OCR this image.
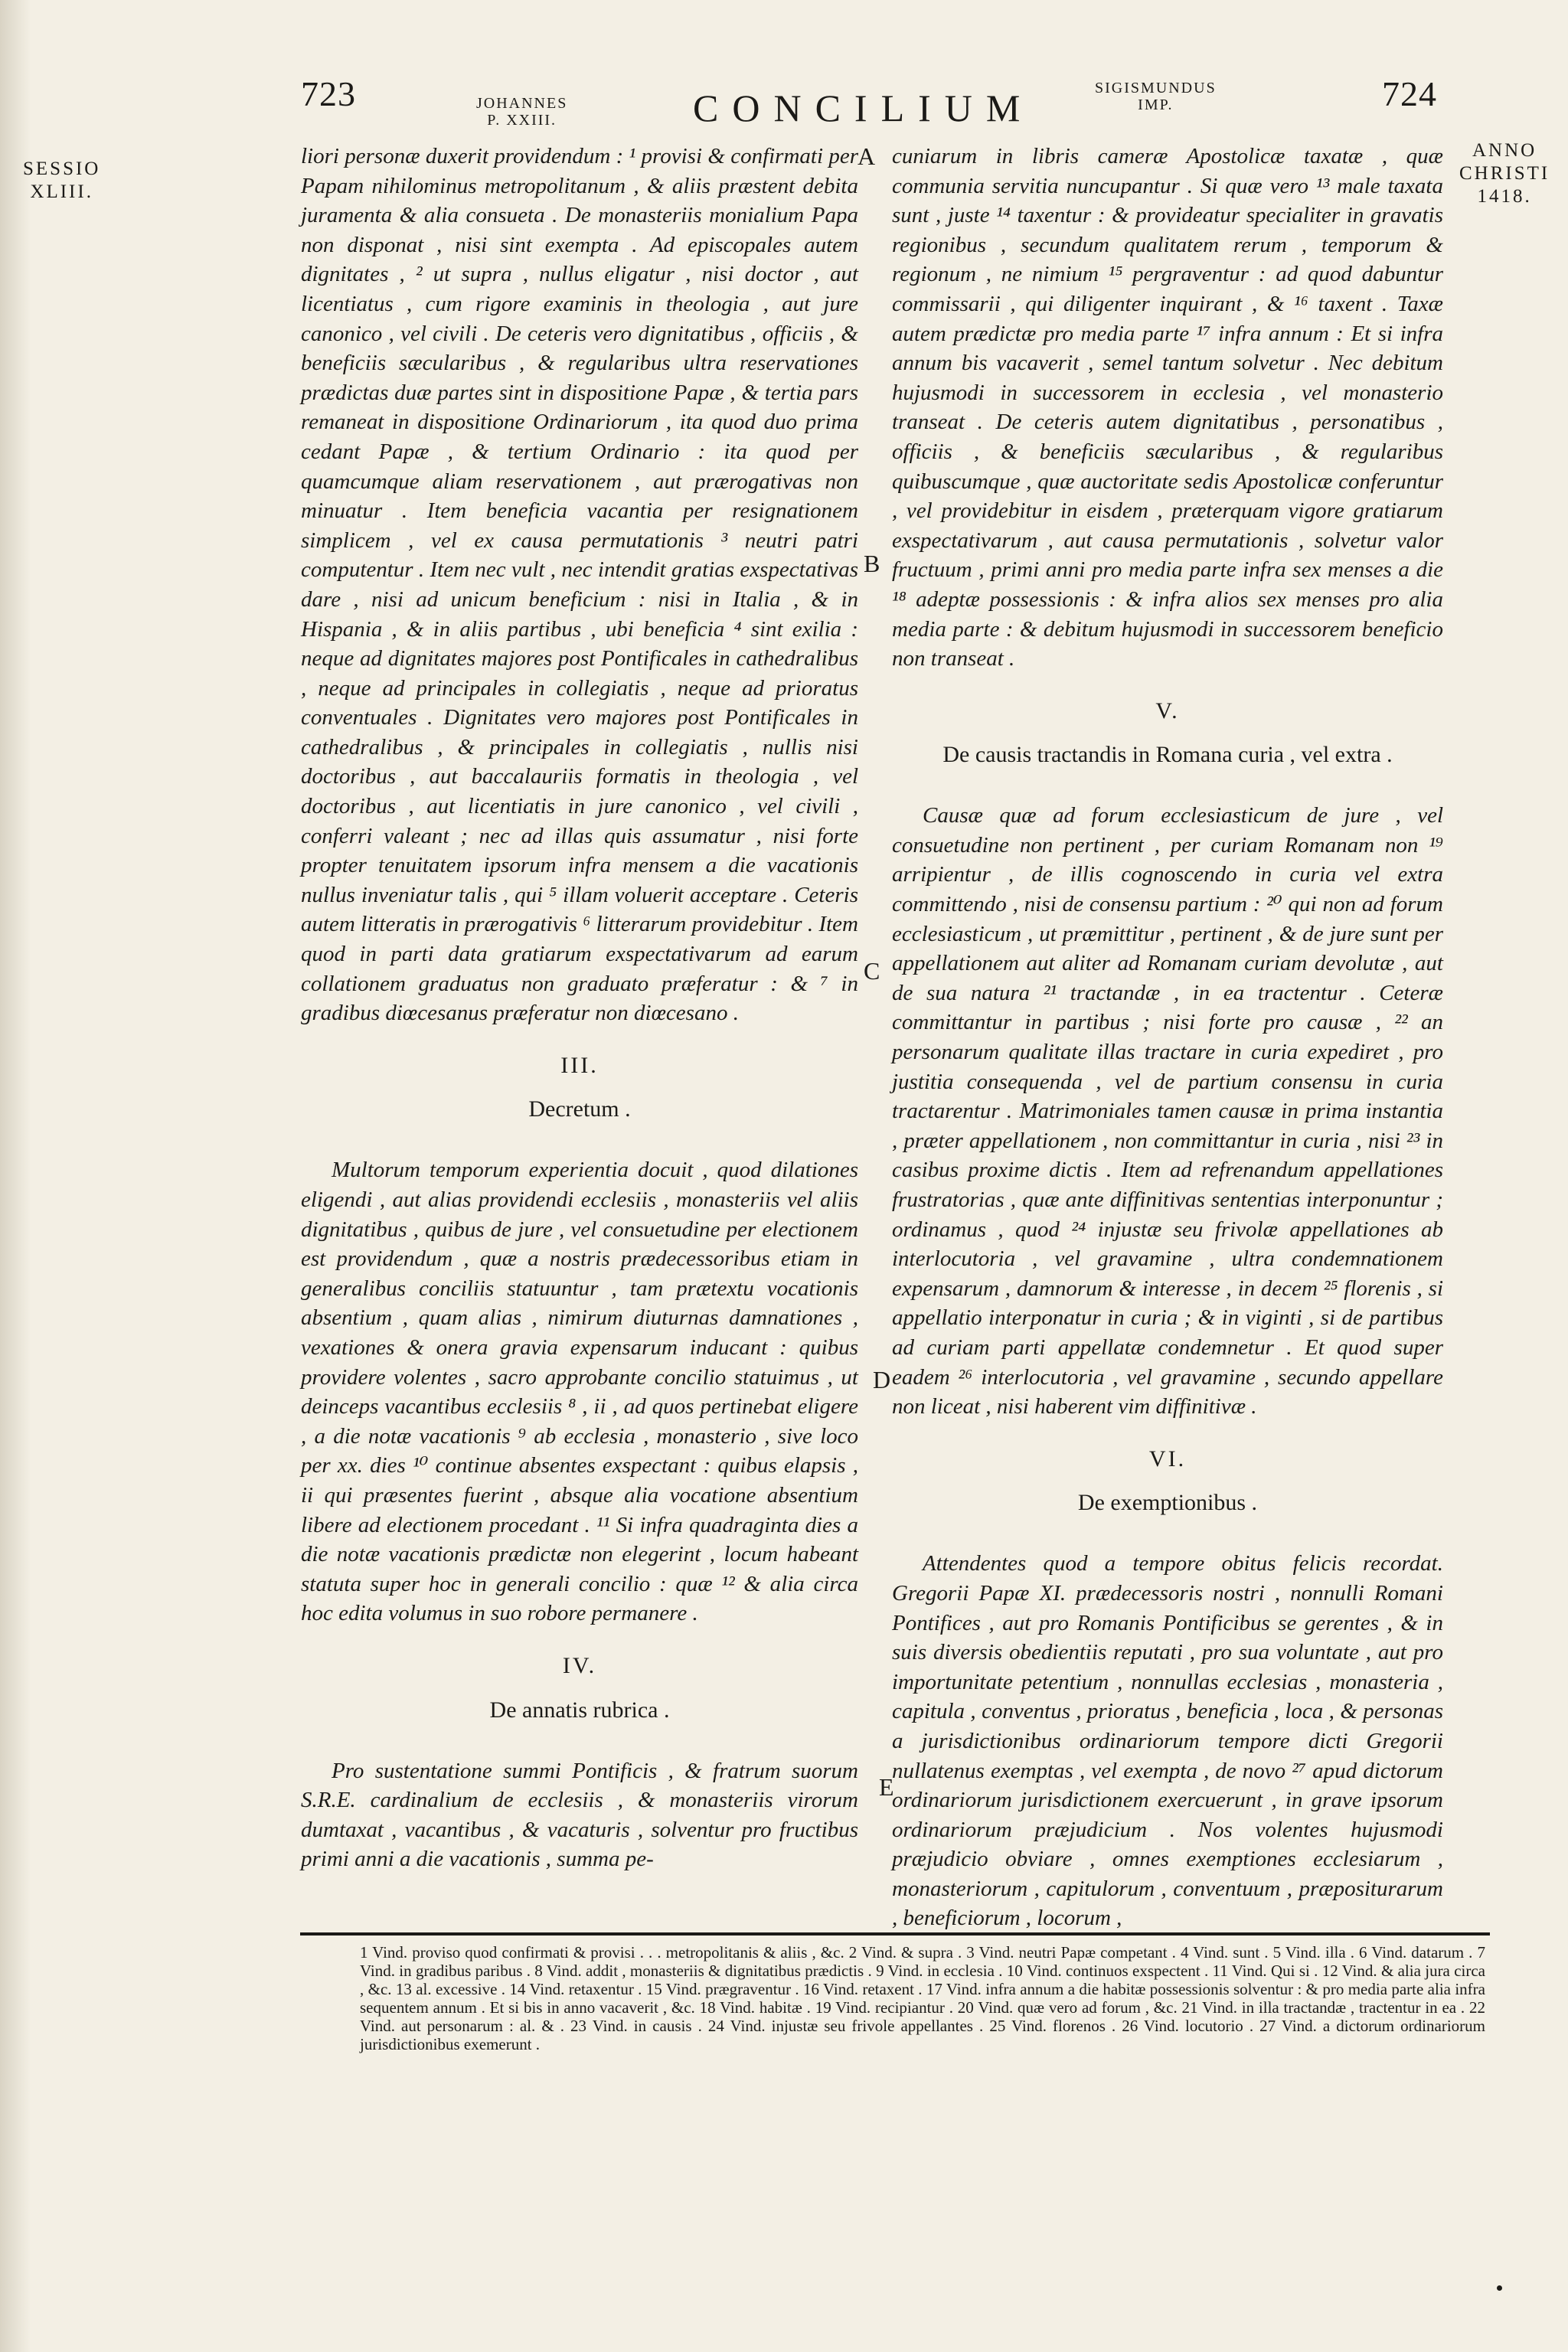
723	JOHANNES
P. XXIII.	CONCILIUM	SIGISMUNDUS
IMP.	724
SESSIO
XLIII.
ANNO
CHRISTI
1418.
A
B
C
D
E

liori personæ duxerit providendum : ¹ provisi & confirmati per Papam nihilominus metropolitanum , & aliis præstent debita juramenta & alia consueta . De monasteriis monialium Papa non disponat , nisi sint exempta . Ad episcopales autem dignitates , ² ut supra , nullus eligatur , nisi doctor , aut licentiatus , cum rigore examinis in theologia , aut jure canonico , vel civili . De ceteris vero dignitatibus , officiis , & beneficiis sæcularibus , & regularibus ultra reservationes prædictas duæ partes sint in dispositione Papæ , & tertia pars remaneat in dispositione Ordinariorum , ita quod duo prima cedant Papæ , & tertium Ordinario : ita quod per quamcumque aliam reservationem , aut prærogativas non minuatur . Item beneficia vacantia per resignationem simplicem , vel ex causa permutationis ³ neutri patri computentur . Item nec vult , nec intendit gratias exspectativas dare , nisi ad unicum beneficium : nisi in Italia , & in Hispania , & in aliis partibus , ubi beneficia ⁴ sint exilia : neque ad dignitates majores post Pontificales in cathedralibus , neque ad principales in collegiatis , neque ad prioratus conventuales . Dignitates vero majores post Pontificales in cathedralibus , & principales in collegiatis , nullis nisi doctoribus , aut baccalauriis formatis in theologia , vel doctoribus , aut licentiatis in jure canonico , vel civili , conferri valeant ; nec ad illas quis assumatur , nisi forte propter tenuitatem ipsorum infra mensem a die vacationis nullus inveniatur talis , qui ⁵ illam voluerit acceptare . Ceteris autem litteratis in prærogativis ⁶ litterarum providebitur . Item quod in parti data gratiarum exspectativarum ad earum collationem graduatus non graduato præferatur : & ⁷ in gradibus diœcesanus præferatur non diœcesano .

III.
Decretum .

Multorum temporum experientia docuit , quod dilationes eligendi , aut alias providendi ecclesiis , monasteriis vel aliis dignitatibus , quibus de jure , vel consuetudine per electionem est providendum , quæ a nostris prædecessoribus etiam in generalibus conciliis statuuntur , tam prætextu vocationis absentium , quam alias , nimirum diuturnas damnationes , vexationes & onera gravia expensarum inducant : quibus providere volentes , sacro approbante concilio statuimus , ut deinceps vacantibus ecclesiis ⁸ , ii , ad quos pertinebat eligere , a die notæ vacationis ⁹ ab ecclesia , monasterio , sive loco per xx. dies ¹⁰ continue absentes exspectant : quibus elapsis , ii qui præsentes fuerint , absque alia vocatione absentium libere ad electionem procedant . ¹¹ Si infra quadraginta dies a die notæ vacationis prædictæ non elegerint , locum habeant statuta super hoc in generali concilio : quæ ¹² & alia circa hoc edita volumus in suo robore permanere .

IV.
De annatis rubrica .

Pro sustentatione summi Pontificis , & fratrum suorum S.R.E. cardinalium de ecclesiis , & monasteriis virorum dumtaxat , vacantibus , & vacaturis , solventur pro fructibus primi anni a die vacationis , summa pe-

cuniarum in libris cameræ Apostolicæ taxatæ , quæ communia servitia nuncupantur . Si quæ vero ¹³ male taxata sunt , juste ¹⁴ taxentur : & provideatur specialiter in gravatis regionibus , secundum qualitatem rerum , temporum & regionum , ne nimium ¹⁵ pergraventur : ad quod dabuntur commissarii , qui diligenter inquirant , & ¹⁶ taxent . Taxæ autem prædictæ pro media parte ¹⁷ infra annum : Et si infra annum bis vacaverit , semel tantum solvetur . Nec debitum hujusmodi in successorem in ecclesia , vel monasterio transeat . De ceteris autem dignitatibus , personatibus , officiis , & beneficiis sæcularibus , & regularibus quibuscumque , quæ auctoritate sedis Apostolicæ conferuntur , vel providebitur in eisdem , præterquam vigore gratiarum exspectativarum , aut causa permutationis , solvetur valor fructuum , primi anni pro media parte infra sex menses a die ¹⁸ adeptæ possessionis : & infra alios sex menses pro alia media parte : & debitum hujusmodi in successorem beneficio non transeat .

V.
De causis tractandis in Romana curia , vel extra .

Causæ quæ ad forum ecclesiasticum de jure , vel consuetudine non pertinent , per curiam Romanam non ¹⁹ arripientur , de illis cognoscendo in curia vel extra committendo , nisi de consensu partium : ²⁰ qui non ad forum ecclesiasticum , ut præmittitur , pertinent , & de jure sunt per appellationem aut aliter ad Romanam curiam devolutæ , aut de sua natura ²¹ tractandæ , in ea tractentur . Ceteræ committantur in partibus ; nisi forte pro causæ , ²² an personarum qualitate illas tractare in curia expediret , pro justitia consequenda , vel de partium consensu in curia tractarentur . Matrimoniales tamen causæ in prima instantia , præter appellationem , non committantur in curia , nisi ²³ in casibus proxime dictis . Item ad refrenandum appellationes frustratorias , quæ ante diffinitivas sententias interponuntur ; ordinamus , quod ²⁴ injustæ seu frivolæ appellationes ab interlocutoria , vel gravamine , ultra condemnationem expensarum , damnorum & interesse , in decem ²⁵ florenis , si appellatio interponatur in curia ; & in viginti , si de partibus ad curiam parti appellatæ condemnetur . Et quod super eadem ²⁶ interlocutoria , vel gravamine , secundo appellare non liceat , nisi haberent vim diffinitivæ .

VI.
De exemptionibus .

Attendentes quod a tempore obitus felicis recordat. Gregorii Papæ XI. prædecessoris nostri , nonnulli Romani Pontifices , aut pro Romanis Pontificibus se gerentes , & in suis diversis obedientiis reputati , pro sua voluntate , aut pro importunitate petentium , nonnullas ecclesias , monasteria , capitula , conventus , prioratus , beneficia , loca , & personas a jurisdictionibus ordinariorum tempore dicti Gregorii nullatenus exemptas , vel exempta , de novo ²⁷ apud dictorum ordinariorum jurisdictionem exercuerunt , in grave ipsorum ordinariorum præjudicium . Nos volentes hujusmodi præjudicio obviare , omnes exemptiones ecclesiarum , monasteriorum , capitulorum , conventuum , præpositurarum , beneficiorum , locorum ,

1 Vind. proviso quod confirmati & provisi . . . metropolitanis & aliis , &c. 2 Vind. & supra . 3 Vind. neutri Papæ competant . 4 Vind. sunt . 5 Vind. illa . 6 Vind. datarum . 7 Vind. in gradibus paribus . 8 Vind. addit , monasteriis & dignitatibus prædictis . 9 Vind. in ecclesia . 10 Vind. continuos exspectent . 11 Vind. Qui si . 12 Vind. & alia jura circa , &c. 13 al. excessive . 14 Vind. retaxentur . 15 Vind. prægraventur . 16 Vind. retaxent . 17 Vind. infra annum a die habitæ possessionis solventur : & pro media parte alia infra sequentem annum . Et si bis in anno vacaverit , &c. 18 Vind. habitæ . 19 Vind. recipiantur . 20 Vind. quæ vero ad forum , &c. 21 Vind. in illa tractandæ , tractentur in ea . 22 Vind. aut personarum : al. & . 23 Vind. in causis . 24 Vind. injustæ seu frivole appellantes . 25 Vind. florenos . 26 Vind. locutorio . 27 Vind. a dictorum ordinariorum jurisdictionibus exemerunt .
